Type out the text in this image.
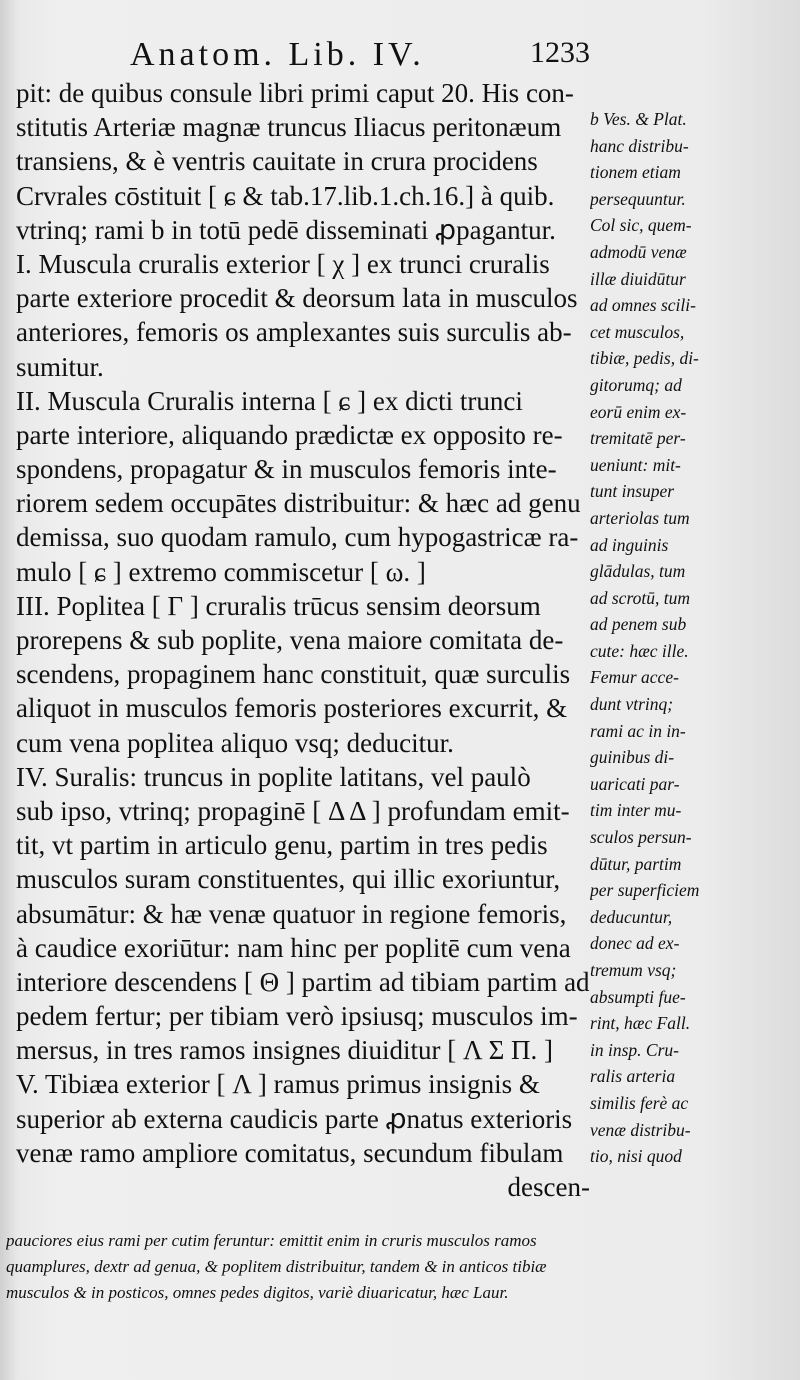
Anatom. Lib. IV.	1233
pit: de quibus consule libri primi caput 20. His con-
stitutis Arteriæ magnæ truncus Iliacus peritonæum
transiens, & è ventris cauitate in crura procidens
Crvrales cōstituit [ ɕ & tab.17.lib.1.ch.16.] à quib.
vtrinq; rami b in totū pedē disseminati ꝓpagantur.
I. Muscula cruralis exterior [ χ ] ex trunci cruralis
parte exteriore procedit & deorsum lata in musculos
anteriores, femoris os amplexantes suis surculis ab-
sumitur.
II. Muscula Cruralis interna [ ɕ ] ex dicti trunci
parte interiore, aliquando prædictæ ex opposito re-
spondens, propagatur & in musculos femoris inte-
riorem sedem occupātes distribuitur: & hæc ad genu
demissa, suo quodam ramulo, cum hypogastricæ ra-
mulo [ ɕ ] extremo commiscetur [ ω. ]
III. Poplitea [ Γ ] cruralis trūcus sensim deorsum
prorepens & sub poplite, vena maiore comitata de-
scendens, propaginem hanc constituit, quæ surculis
aliquot in musculos femoris posteriores excurrit, &
cum vena poplitea aliquo vsq; deducitur.
IV. Suralis: truncus in poplite latitans, vel paulò
sub ipso, vtrinq; propaginē [ Δ Δ ] profundam emit-
tit, vt partim in articulo genu, partim in tres pedis
musculos suram constituentes, qui illic exoriuntur,
absumātur: & hæ venæ quatuor in regione femoris,
à caudice exoriūtur: nam hinc per poplitē cum vena
interiore descendens [ Θ ] partim ad tibiam partim ad
pedem fertur; per tibiam verò ipsiusq; musculos im-
mersus, in tres ramos insignes diuiditur [ Λ Σ Π. ]
V. Tibiæa exterior [ Λ ] ramus primus insignis &
superior ab externa caudicis parte ꝓnatus exterioris
venæ ramo ampliore comitatus, secundum fibulam
descen-
b Ves. & Plat.
hanc distribu-
tionem etiam
persequuntur.
Col sic, quem-
admodū venæ
illæ diuidūtur
ad omnes scili-
cet musculos,
tibiæ, pedis, di-
gitorumq; ad
eorū enim ex-
tremitatē per-
ueniunt: mit-
tunt insuper
arteriolas tum
ad inguinis
glādulas, tum
ad scrotū, tum
ad penem sub
cute: hæc ille.
Femur acce-
dunt vtrinq;
rami ac in in-
guinibus di-
uaricati par-
tim inter mu-
sculos persun-
dūtur, partim
per superficiem
deducuntur,
donec ad ex-
tremum vsq;
absumpti fue-
rint, hæc Fall.
in insp. Cru-
ralis arteria
similis ferè ac
venæ distribu-
tio, nisi quod
pauciores eius rami per cutim feruntur: emittit enim in cruris musculos ramos
quamplures, dextr ad genua, & poplitem distribuitur, tandem & in anticos tibiæ
musculos & in posticos, omnes pedes digitos, variè diuaricatur, hæc Laur.
